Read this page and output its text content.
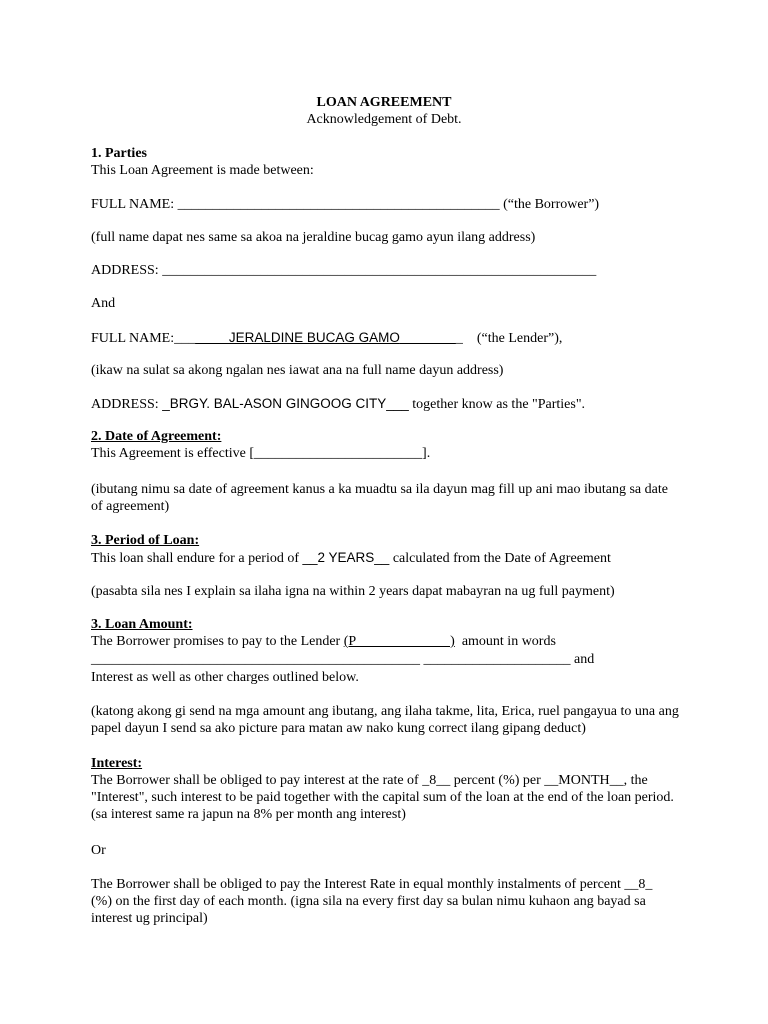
LOAN AGREEMENT
Acknowledgement of Debt.
1. Parties
This Loan Agreement is made between:
FULL NAME: ______________________________________________ (“the Borrower”)
(full name dapat nes same sa akoa na jeraldine bucag gamo ayun ilang address)
ADDRESS: ______________________________________________________________
And
FULL NAME:___         JERALDINE BUCAG GAMO	_    (“the Lender”),
(ikaw na sulat sa akong ngalan nes iawat ana na full name dayun address)
ADDRESS: _BRGY. BAL-ASON GINGOOG CITY___ together know as the "Parties".
2. Date of Agreement:
This Agreement is effective [________________________].
(ibutang nimu sa date of agreement kanus a ka muadtu sa ila dayun mag fill up ani mao ibutang sa date of agreement)
3. Period of Loan:
This loan shall endure for a period of __2 YEARS__ calculated from the Date of Agreement
(pasabta sila nes I explain sa ilaha igna na within 2 years dapat mabayran na ug full payment)
3. Loan Amount:
The Borrower promises to pay to the Lender (P                           )  amount in words
_______________________________________________ _____________________ and
Interest as well as other charges outlined below.
(katong akong gi send na mga amount ang ibutang, ang ilaha takme, lita, Erica, ruel pangayua to una ang papel dayun I send sa ako picture para matan aw nako kung correct ilang gipang deduct)
Interest:
The Borrower shall be obliged to pay interest at the rate of _8__ percent (%) per __MONTH__, the "Interest", such interest to be paid together with the capital sum of the loan at the end of the loan period. (sa interest same ra japun na 8% per month ang interest)
Or
The Borrower shall be obliged to pay the Interest Rate in equal monthly instalments of percent __8_ (%) on the first day of each month. (igna sila na every first day sa bulan nimu kuhaon ang bayad sa interest ug principal)
